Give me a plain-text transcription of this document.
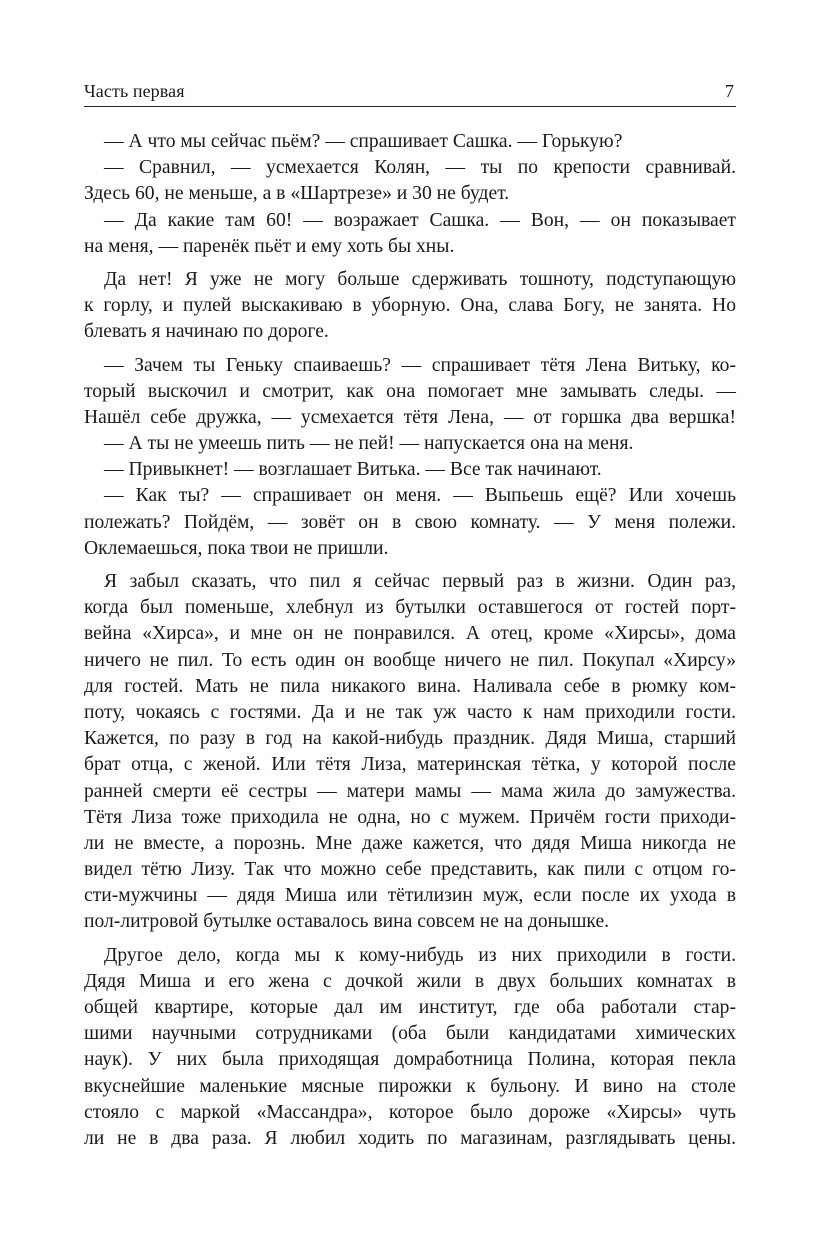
Часть первая	7
— А что мы сейчас пьём? — спрашивает Сашка. — Горькую?
— Сравнил, — усмехается Колян, — ты по крепости сравнивай.
Здесь 60, не меньше, а в «Шартрезе» и 30 не будет.
— Да какие там 60! — возражает Сашка. — Вон, — он показывает
на меня, — паренёк пьёт и ему хоть бы хны.
Да нет! Я уже не могу больше сдерживать тошноту, подступающую
к горлу, и пулей выскакиваю в уборную. Она, слава Богу, не занята. Но
блевать я начинаю по дороге.
— Зачем ты Геньку спаиваешь? — спрашивает тётя Лена Витьку, ко-
торый выскочил и смотрит, как она помогает мне замывать следы. —
Нашёл себе дружка, — усмехается тётя Лена, — от горшка два вершка!
— А ты не умеешь пить — не пей! — напускается она на меня.
— Привыкнет! — возглашает Витька. — Все так начинают.
— Как ты? — спрашивает он меня. — Выпьешь ещё? Или хочешь
полежать? Пойдём, — зовёт он в свою комнату. — У меня полежи.
Оклемаешься, пока твои не пришли.
Я забыл сказать, что пил я сейчас первый раз в жизни. Один раз,
когда был поменьше, хлебнул из бутылки оставшегося от гостей порт-
вейна «Хирса», и мне он не понравился. А отец, кроме «Хирсы», дома
ничего не пил. То есть один он вообще ничего не пил. Покупал «Хирсу»
для гостей. Мать не пила никакого вина. Наливала себе в рюмку ком-
поту, чокаясь с гостями. Да и не так уж часто к нам приходили гости.
Кажется, по разу в год на какой-нибудь праздник. Дядя Миша, старший
брат отца, с женой. Или тётя Лиза, материнская тётка, у которой после
ранней смерти её сестры — матери мамы — мама жила до замужества.
Тётя Лиза тоже приходила не одна, но с мужем. Причём гости приходи-
ли не вместе, а порознь. Мне даже кажется, что дядя Миша никогда не
видел тётю Лизу. Так что можно себе представить, как пили с отцом го-
сти-мужчины — дядя Миша или тётилизин муж, если после их ухода в
пол-литровой бутылке оставалось вина совсем не на донышке.
Другое дело, когда мы к кому-нибудь из них приходили в гости.
Дядя Миша и его жена с дочкой жили в двух больших комнатах в
общей квартире, которые дал им институт, где оба работали стар-
шими научными сотрудниками (оба были кандидатами химических
наук). У них была приходящая домработница Полина, которая пекла
вкуснейшие маленькие мясные пирожки к бульону. И вино на столе
стояло с маркой «Массандра», которое было дороже «Хирсы» чуть
ли не в два раза. Я любил ходить по магазинам, разглядывать цены.
